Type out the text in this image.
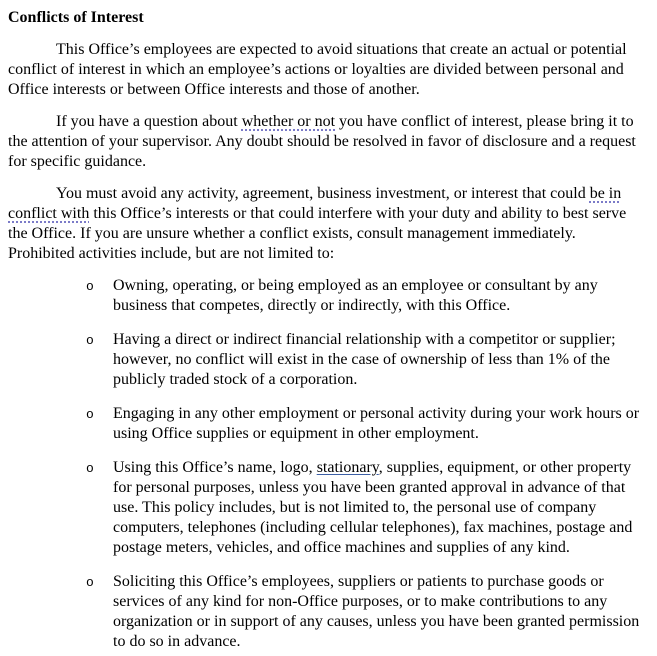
Conflicts of Interest

This Office’s employees are expected to avoid situations that create an actual or potential conflict of interest in which an employee’s actions or loyalties are divided between personal and Office interests or between Office interests and those of another.

If you have a question about whether or not you have conflict of interest, please bring it to the attention of your supervisor. Any doubt should be resolved in favor of disclosure and a request for specific guidance.

You must avoid any activity, agreement, business investment, or interest that could be in conflict with this Office’s interests or that could interfere with your duty and ability to best serve the Office. If you are unsure whether a conflict exists, consult management immediately. Prohibited activities include, but are not limited to:

o Owning, operating, or being employed as an employee or consultant by any business that competes, directly or indirectly, with this Office.
o Having a direct or indirect financial relationship with a competitor or supplier; however, no conflict will exist in the case of ownership of less than 1% of the publicly traded stock of a corporation.
o Engaging in any other employment or personal activity during your work hours or using Office supplies or equipment in other employment.
o Using this Office’s name, logo, stationary, supplies, equipment, or other property for personal purposes, unless you have been granted approval in advance of that use. This policy includes, but is not limited to, the personal use of company computers, telephones (including cellular telephones), fax machines, postage and postage meters, vehicles, and office machines and supplies of any kind.
o Soliciting this Office’s employees, suppliers or patients to purchase goods or services of any kind for non-Office purposes, or to make contributions to any organization or in support of any causes, unless you have been granted permission to do so in advance.
